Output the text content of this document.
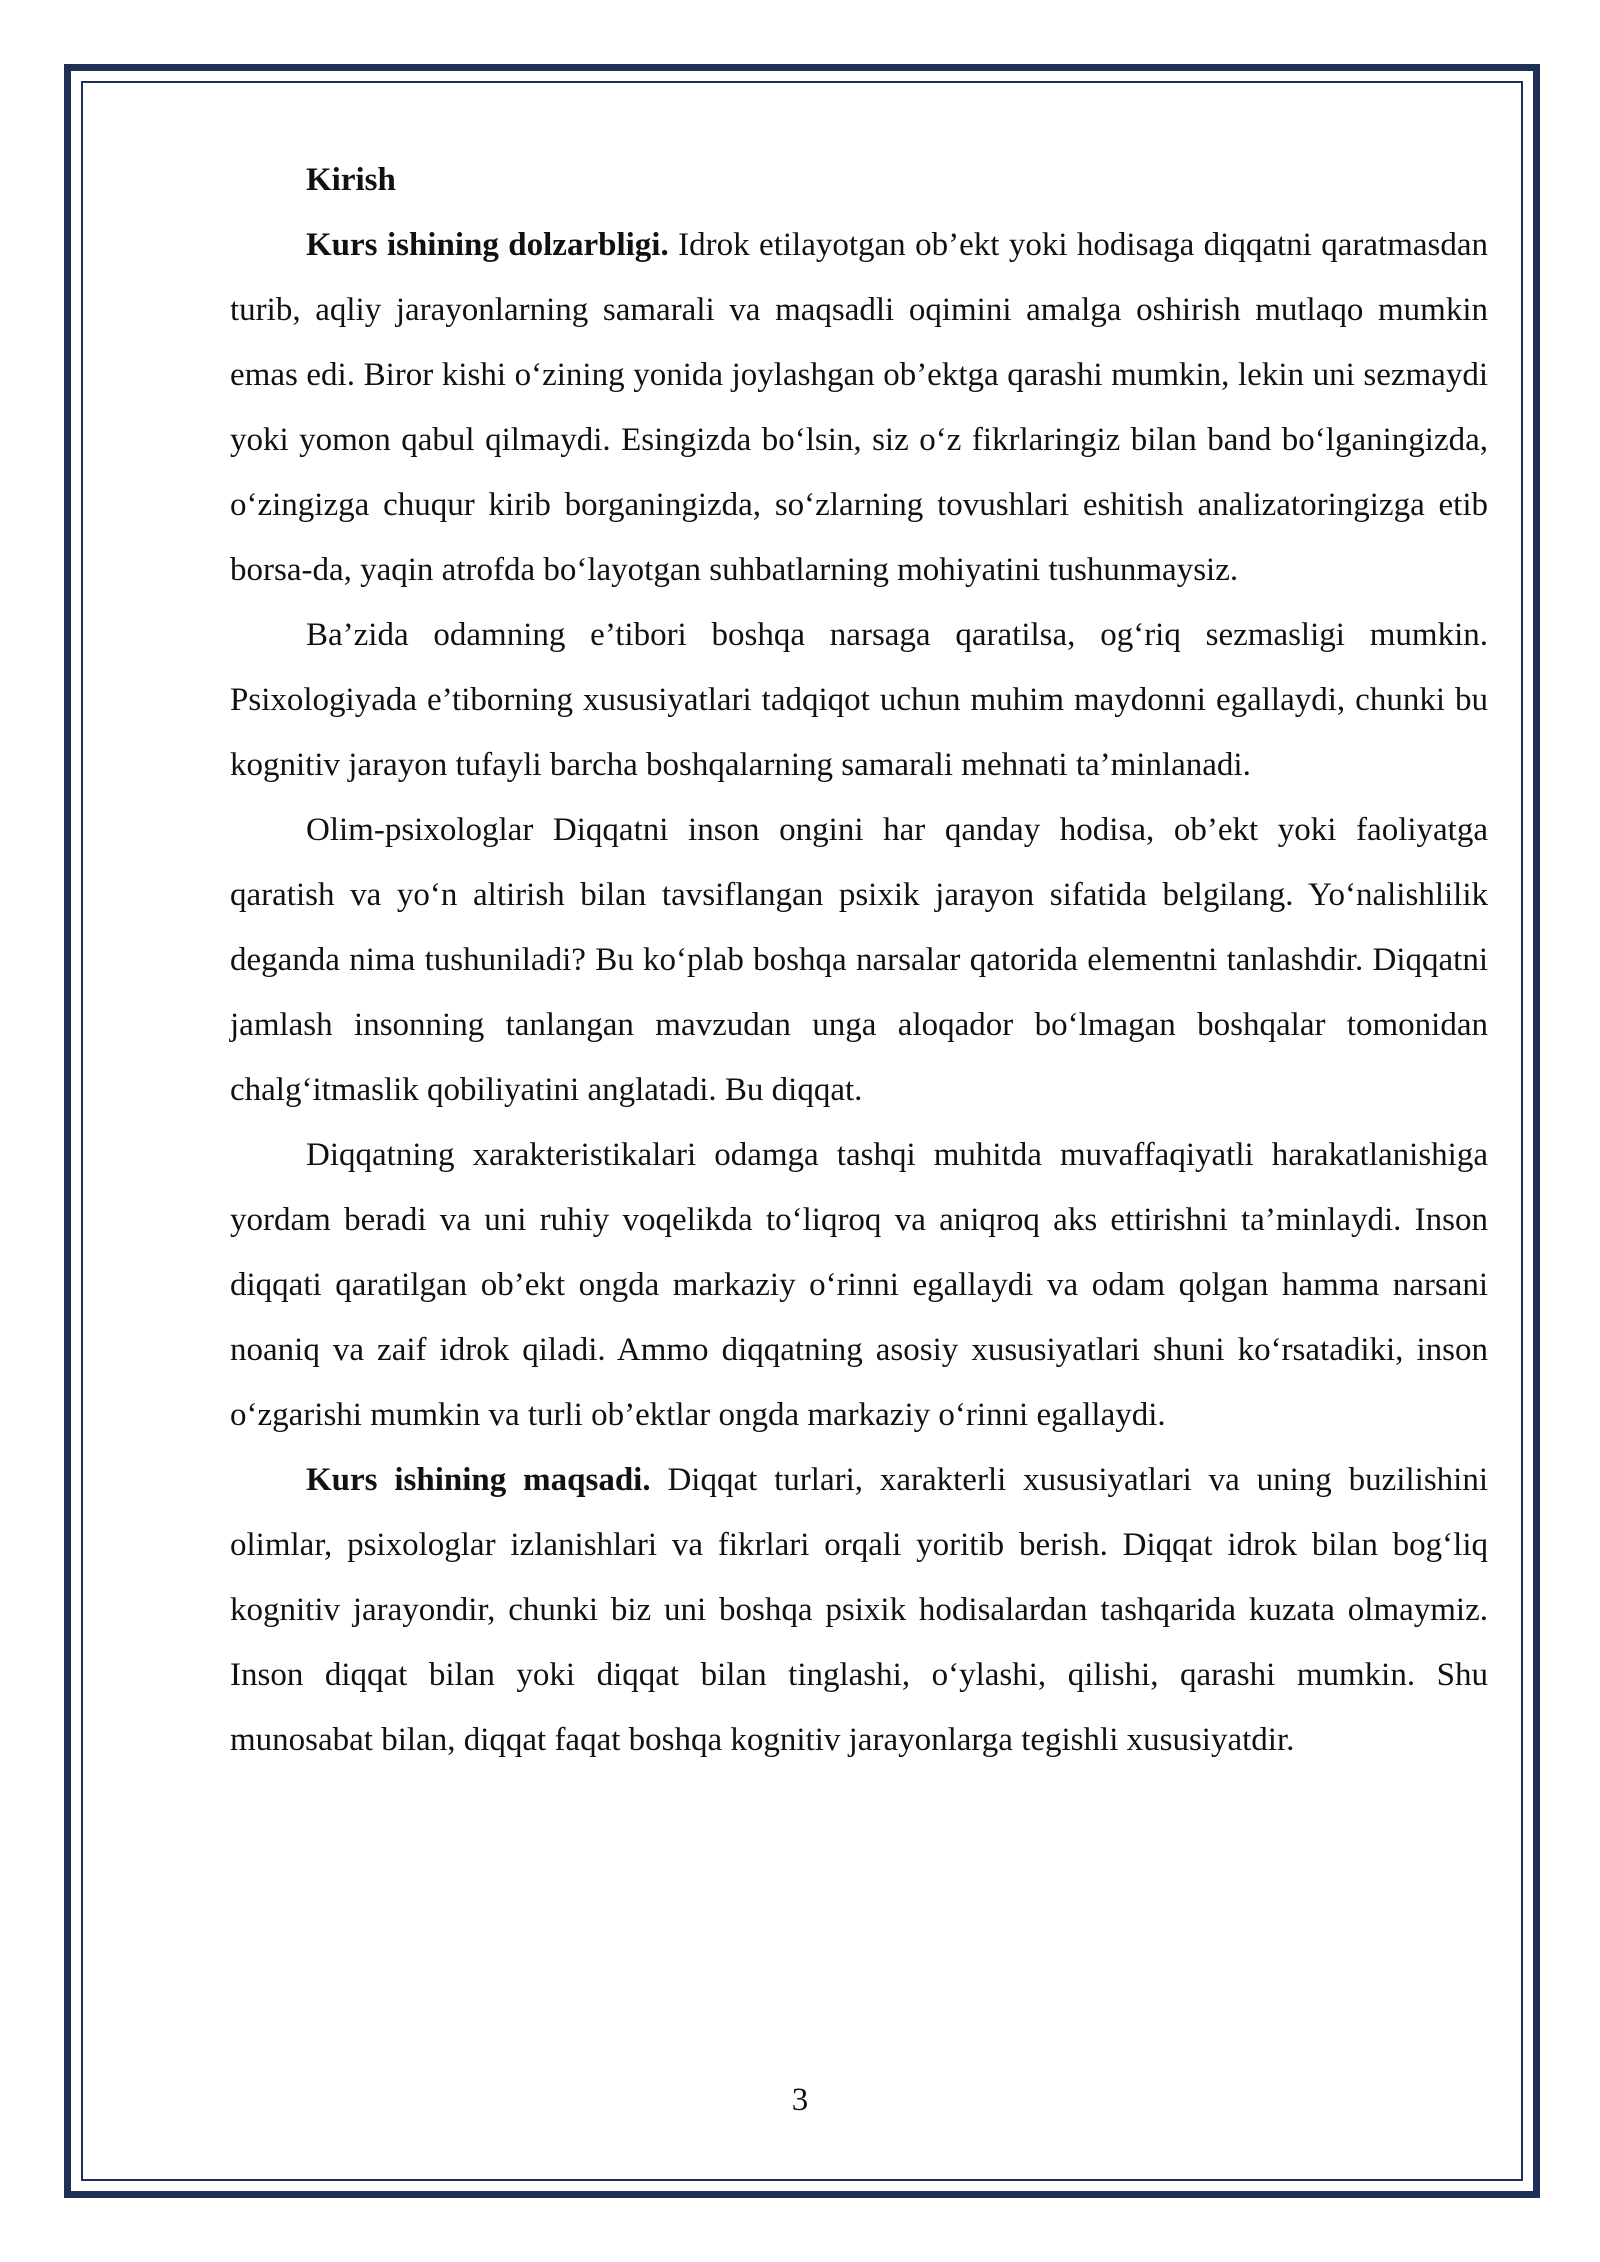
Kirish

Kurs ishining dolzarbligi. Idrok etilayotgan ob’ekt yoki hodisaga diqqatni qaratmasdan turib, aqliy jarayonlarning samarali va maqsadli oqimini amalga oshirish mutlaqo mumkin emas edi. Biror kishi o‘zining yonida joylashgan ob’ektga qarashi mumkin, lekin uni sezmaydi yoki yomon qabul qilmaydi. Esingizda bo‘lsin, siz o‘z fikrlaringiz bilan band bo‘lganingizda, o‘zingizga chuqur kirib borganingizda, so‘zlarning tovushlari eshitish analizatoringizga etib borsa-da, yaqin atrofda bo‘layotgan suhbatlarning mohiyatini tushunmaysiz.

Ba’zida odamning e’tibori boshqa narsaga qaratilsa, og‘riq sezmasligi mumkin. Psixologiyada e’tiborning xususiyatlari tadqiqot uchun muhim maydonni egallaydi, chunki bu kognitiv jarayon tufayli barcha boshqalarning samarali mehnati ta’minlanadi.

Olim-psixologlar Diqqatni inson ongini har qanday hodisa, ob’ekt yoki faoliyatga qaratish va yo‘n altirish bilan tavsiflangan psixik jarayon sifatida belgilang. Yo‘nalishlilik deganda nima tushuniladi? Bu ko‘plab boshqa narsalar qatorida elementni tanlashdir. Diqqatni jamlash insonning tanlangan mavzudan unga aloqador bo‘lmagan boshqalar tomonidan chalg‘itmaslik qobiliyatini anglatadi. Bu diqqat.

Diqqatning xarakteristikalari odamga tashqi muhitda muvaffaqiyatli harakatlanishiga yordam beradi va uni ruhiy voqelikda to‘liqroq va aniqroq aks ettirishni ta’minlaydi. Inson diqqati qaratilgan ob’ekt ongda markaziy o‘rinni egallaydi va odam qolgan hamma narsani noaniq va zaif idrok qiladi. Ammo diqqatning asosiy xususiyatlari shuni ko‘rsatadiki, inson o‘zgarishi mumkin va turli ob’ektlar ongda markaziy o‘rinni egallaydi.

Kurs ishining maqsadi. Diqqat turlari, xarakterli xususiyatlari va uning buzilishini olimlar, psixologlar izlanishlari va fikrlari orqali yoritib berish. Diqqat idrok bilan bog‘liq kognitiv jarayondir, chunki biz uni boshqa psixik hodisalardan tashqarida kuzata olmaymiz. Inson diqqat bilan yoki diqqat bilan tinglashi, o‘ylashi, qilishi, qarashi mumkin. Shu munosabat bilan, diqqat faqat boshqa kognitiv jarayonlarga tegishli xususiyatdir.

3
